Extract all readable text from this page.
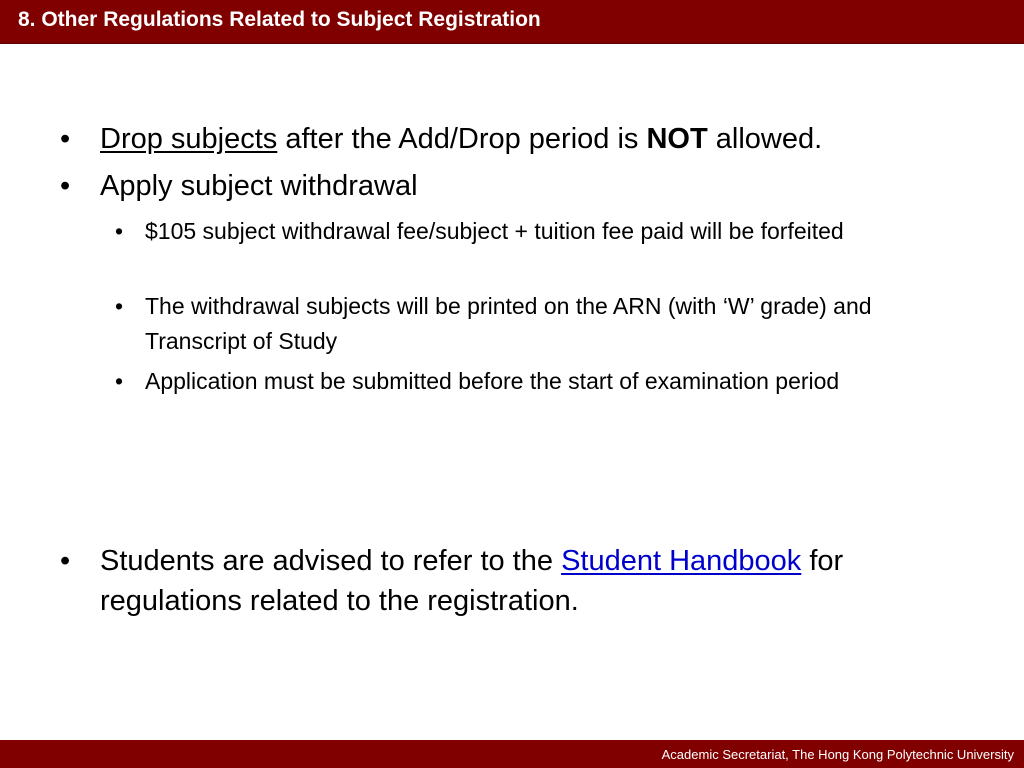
8. Other Regulations Related to Subject Registration
•	Drop subjects after the Add/Drop period is NOT allowed.
•	Apply subject withdrawal
• $105 subject withdrawal fee/subject + tuition fee paid will be forfeited
• The withdrawal subjects will be printed on the ARN (with ‘W’ grade) and Transcript of Study
• Application must be submitted before the start of examination period
•	Students are advised to refer to the Student Handbook for regulations related to the registration.
Academic Secretariat, The Hong Kong Polytechnic University
